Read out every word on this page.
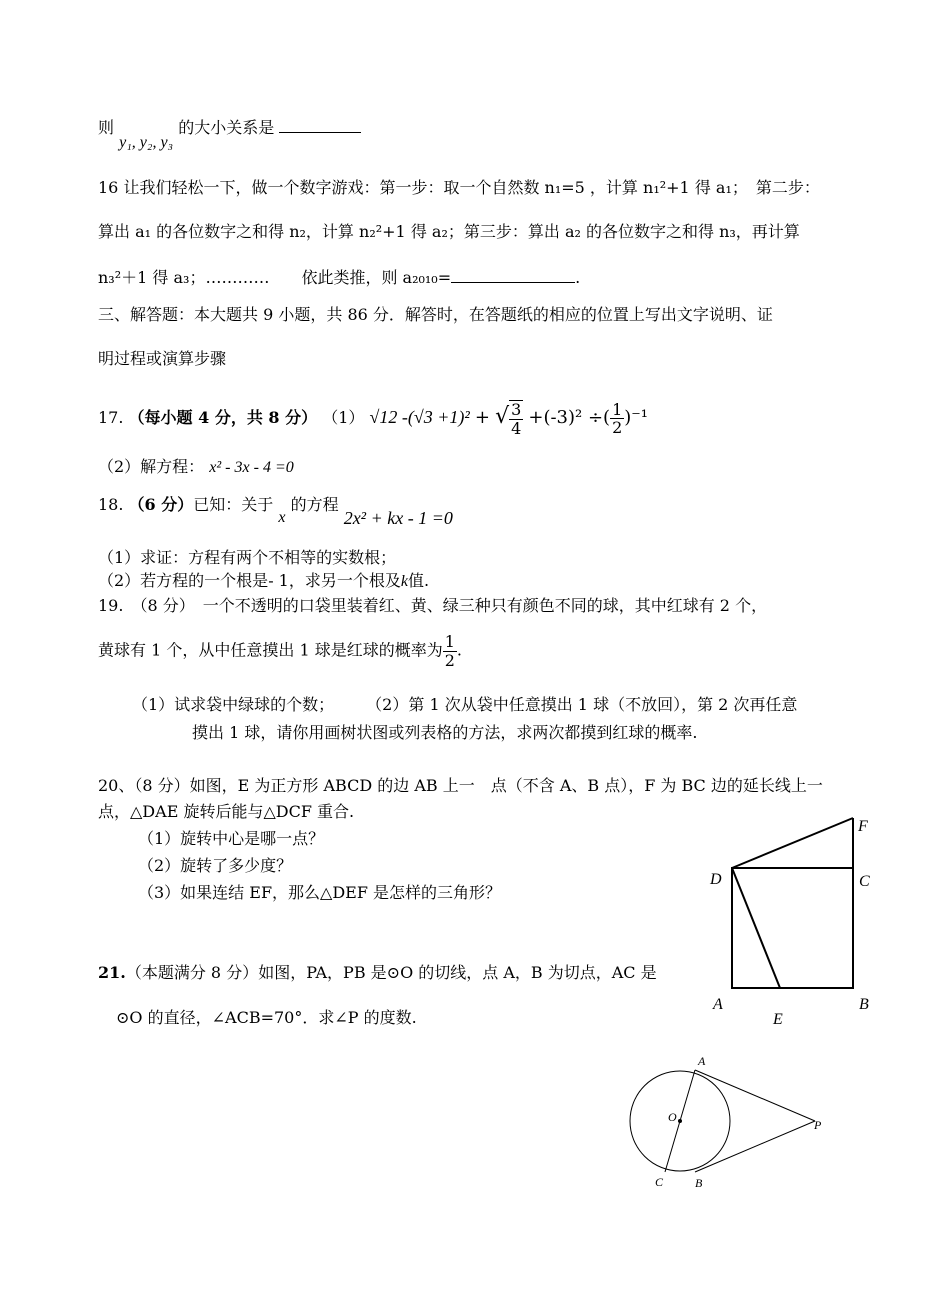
则 y₁, y₂, y₃ 的大小关系是
16 让我们轻松一下，做一个数字游戏：第一步：取一个自然数 n₁=5 ，计算 n₁²+1 得 a₁；　第二步：
算出 a₁ 的各位数字之和得 n₂，计算 n₂²+1 得 a₂；第三步：算出 a₂ 的各位数字之和得 n₃，再计算
n₃²＋1 得 a₃；…………　　依此类推，则 a₂₀₁₀=	.
三、解答题：本大题共 9 小题，共 86 分．解答时，在答题纸的相应的位置上写出文字说明、证
明过程或演算步骤
17. （每小题 4 分，共 8 分） （1） √12 -(√3 +1)² + √ $\frac{3}{4} +(-3)^2$ ÷( $\frac{1}{2} )^{-1}$
（2）解方程： x² - 3x - 4 =0
18. （6 分）已知：关于 x 的方程 2x² + kx - 1 =0
（1）求证：方程有两个不相等的实数根；
（2）若方程的一个根是- 1，求另一个根及k值.
19.　（8 分）　一个不透明的口袋里装着红、黄、绿三种只有颜色不同的球，其中红球有 2 个，
黄球有 1 个，从中任意摸出 1 球是红球的概率为 $\frac{1}{2}$ .
（1）试求袋中绿球的个数；　　　（2）第 1 次从袋中任意摸出 1 球（不放回），第 2 次再任意
摸出 1 球，请你用画树状图或列表格的方法，求两次都摸到红球的概率.
20、（8 分）如图，E 为正方形 ABCD 的边 AB 上一　点（不含 A、B 点），F 为 BC 边的延长线上一
点，△DAE 旋转后能与△DCF 重合.
（1）旋转中心是哪一点？
（2）旋转了多少度？
（3）如果连结 EF，那么△DEF 是怎样的三角形？
F
D	C
A	B
E
21.（本题满分 8 分）如图，PA，PB 是⊙O 的切线，点 A，B 为切点，AC 是
⊙O 的直径，∠ACB=70°．求∠P 的度数.
A
O
P
C	B
